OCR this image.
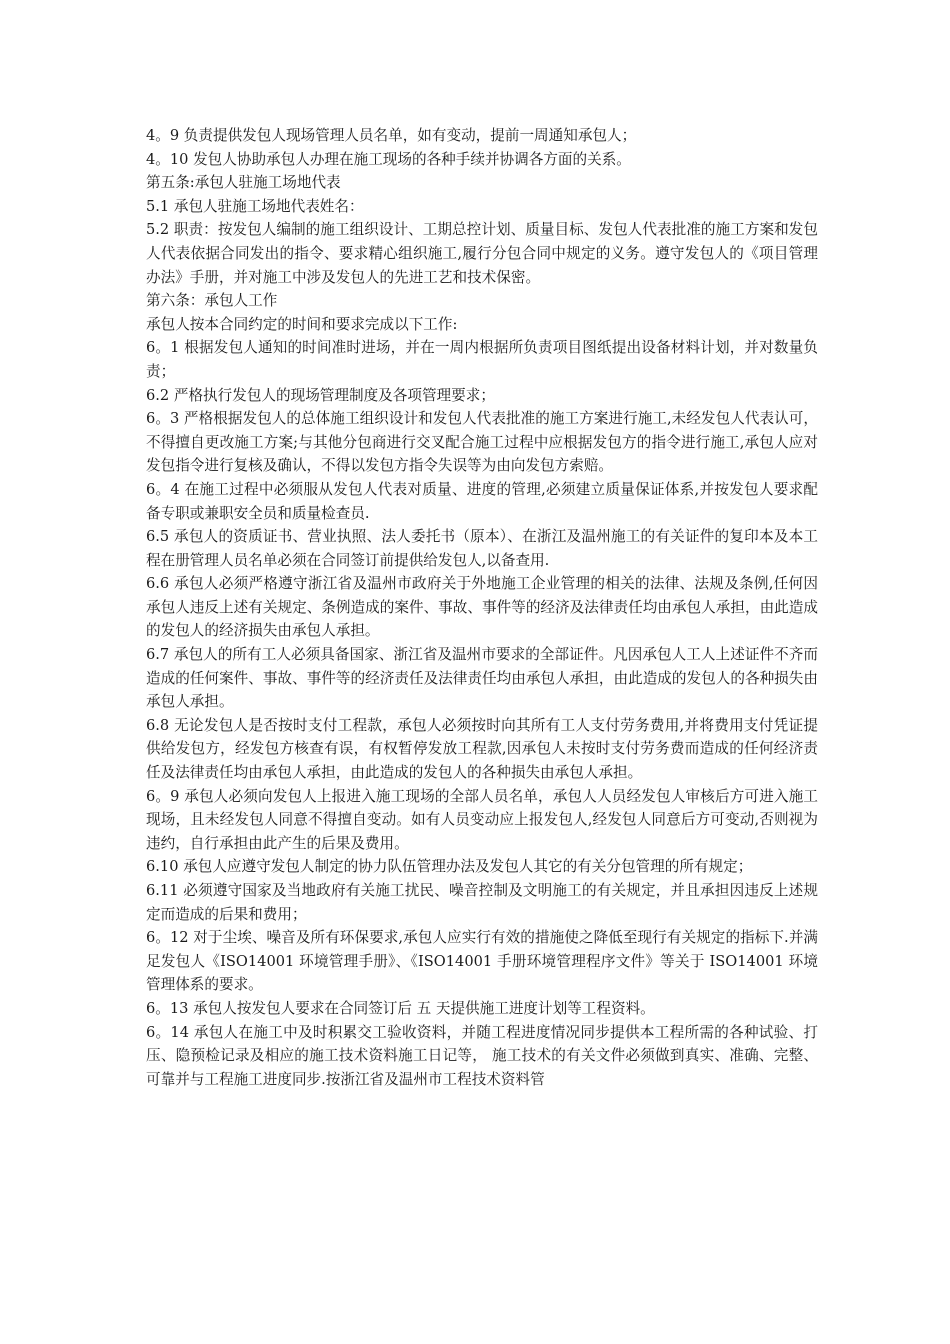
4。9 负责提供发包人现场管理人员名单，如有变动，提前一周通知承包人；

4。10 发包人协助承包人办理在施工现场的各种手续并协调各方面的关系。

第五条:承包人驻施工场地代表

5.1 承包人驻施工场地代表姓名：

5.2 职责：按发包人编制的施工组织设计、工期总控计划、质量目标、发包人代表批准的施工方案和发包人代表依据合同发出的指令、要求精心组织施工,履行分包合同中规定的义务。遵守发包人的《项目管理办法》手册，并对施工中涉及发包人的先进工艺和技术保密。

第六条：承包人工作

承包人按本合同约定的时间和要求完成以下工作:

6。1 根据发包人通知的时间准时进场，并在一周内根据所负责项目图纸提出设备材料计划，并对数量负责；

6.2 严格执行发包人的现场管理制度及各项管理要求；

6。3 严格根据发包人的总体施工组织设计和发包人代表批准的施工方案进行施工,未经发包人代表认可，不得擅自更改施工方案;与其他分包商进行交叉配合施工过程中应根据发包方的指令进行施工,承包人应对发包指令进行复核及确认，不得以发包方指令失误等为由向发包方索赔。

6。4 在施工过程中必须服从发包人代表对质量、进度的管理,必须建立质量保证体系,并按发包人要求配备专职或兼职安全员和质量检查员.

6.5 承包人的资质证书、营业执照、法人委托书（原本）、在浙江及温州施工的有关证件的复印本及本工程在册管理人员名单必须在合同签订前提供给发包人,以备查用.

6.6 承包人必须严格遵守浙江省及温州市政府关于外地施工企业管理的相关的法律、法规及条例,任何因承包人违反上述有关规定、条例造成的案件、事故、事件等的经济及法律责任均由承包人承担，由此造成的发包人的经济损失由承包人承担。

6.7 承包人的所有工人必须具备国家、浙江省及温州市要求的全部证件。凡因承包人工人上述证件不齐而造成的任何案件、事故、事件等的经济责任及法律责任均由承包人承担，由此造成的发包人的各种损失由承包人承担。

6.8 无论发包人是否按时支付工程款，承包人必须按时向其所有工人支付劳务费用,并将费用支付凭证提供给发包方，经发包方核查有误，有权暂停发放工程款,因承包人未按时支付劳务费而造成的任何经济责任及法律责任均由承包人承担，由此造成的发包人的各种损失由承包人承担。

6。9 承包人必须向发包人上报进入施工现场的全部人员名单，承包人人员经发包人审核后方可进入施工现场，且未经发包人同意不得擅自变动。如有人员变动应上报发包人,经发包人同意后方可变动,否则视为违约，自行承担由此产生的后果及费用。

6.10 承包人应遵守发包人制定的协力队伍管理办法及发包人其它的有关分包管理的所有规定；

6.11 必须遵守国家及当地政府有关施工扰民、噪音控制及文明施工的有关规定，并且承担因违反上述规定而造成的后果和费用；

6。12 对于尘埃、噪音及所有环保要求,承包人应实行有效的措施使之降低至现行有关规定的指标下.并满足发包人《ISO14001 环境管理手册》、《ISO14001 手册环境管理程序文件》等关于 ISO14001 环境管理体系的要求。

6。13 承包人按发包人要求在合同签订后 五 天提供施工进度计划等工程资料。

6。14 承包人在施工中及时积累交工验收资料，并随工程进度情况同步提供本工程所需的各种试验、打压、隐预检记录及相应的施工技术资料施工日记等， 施工技术的有关文件必须做到真实、准确、完整、可靠并与工程施工进度同步.按浙江省及温州市工程技术资料管
